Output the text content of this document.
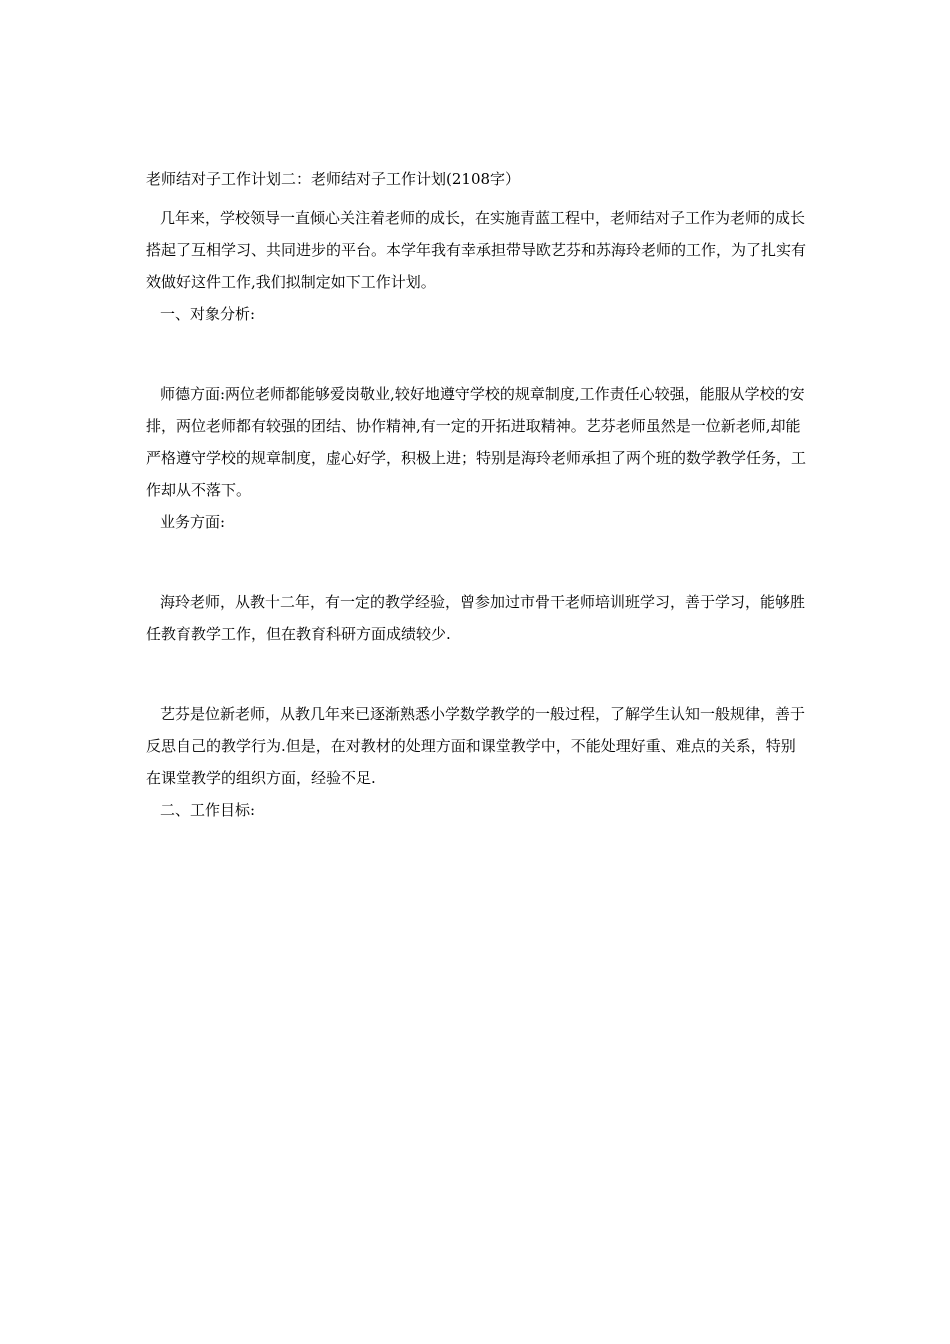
老师结对子工作计划二：老师结对子工作计划(2108字）

几年来，学校领导一直倾心关注着老师的成长，在实施青蓝工程中，老师结对子工作为老师的成长搭起了互相学习、共同进步的平台。本学年我有幸承担带导欧艺芬和苏海玲老师的工作，为了扎实有效做好这件工作,我们拟制定如下工作计划。

一、对象分析:

师德方面:两位老师都能够爱岗敬业,较好地遵守学校的规章制度,工作责任心较强，能服从学校的安排，两位老师都有较强的团结、协作精神,有一定的开拓进取精神。艺芬老师虽然是一位新老师,却能严格遵守学校的规章制度，虚心好学，积极上进；特别是海玲老师承担了两个班的数学教学任务，工作却从不落下。

业务方面:

海玲老师，从教十二年，有一定的教学经验，曾参加过市骨干老师培训班学习，善于学习，能够胜任教育教学工作，但在教育科研方面成绩较少.

艺芬是位新老师，从教几年来已逐渐熟悉小学数学教学的一般过程，了解学生认知一般规律，善于反思自己的教学行为.但是，在对教材的处理方面和课堂教学中，不能处理好重、难点的关系，特别在课堂教学的组织方面，经验不足.

二、工作目标:
